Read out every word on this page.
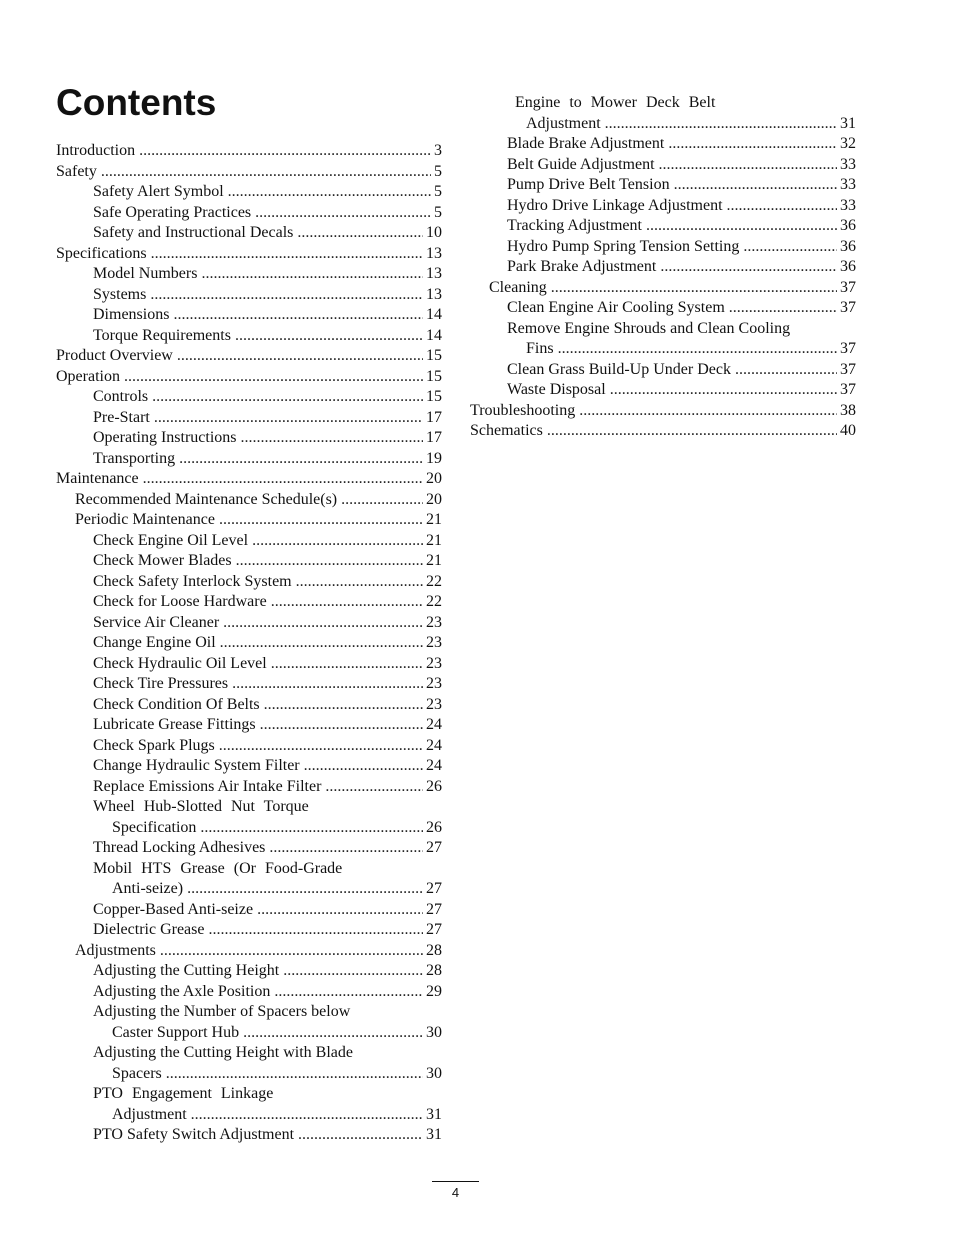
Contents
Introduction .....	3
Safety .....	5
Safety Alert Symbol .....	5
Safe Operating Practices .....	5
Safety and Instructional Decals .....	10
Specifications .....	13
Model Numbers .....	13
Systems .....	13
Dimensions .....	14
Torque Requirements .....	14
Product Overview .....	15
Operation .....	15
Controls .....	15
Pre-Start .....	17
Operating Instructions .....	17
Transporting .....	19
Maintenance .....	20
Recommended Maintenance Schedule(s) .....	20
Periodic Maintenance .....	21
Check Engine Oil Level .....	21
Check Mower Blades .....	21
Check Safety Interlock System .....	22
Check for Loose Hardware .....	22
Service Air Cleaner .....	23
Change Engine Oil .....	23
Check Hydraulic Oil Level .....	23
Check Tire Pressures .....	23
Check Condition Of Belts .....	23
Lubricate Grease Fittings .....	24
Check Spark Plugs .....	24
Change Hydraulic System Filter .....	24
Replace Emissions Air Intake Filter .....	26
Wheel Hub-Slotted Nut Torque
Specification .....	26
Thread Locking Adhesives .....	27
Mobil HTS Grease (Or Food-Grade
Anti-seize) .....	27
Copper-Based Anti-seize .....	27
Dielectric Grease .....	27
Adjustments .....	28
Adjusting the Cutting Height .....	28
Adjusting the Axle Position .....	29
Adjusting the Number of Spacers below
Caster Support Hub .....	30
Adjusting the Cutting Height with Blade
Spacers .....	30
PTO Engagement Linkage
Adjustment .....	31
PTO Safety Switch Adjustment .....	31
Engine to Mower Deck Belt
Adjustment .....	31
Blade Brake Adjustment .....	32
Belt Guide Adjustment .....	33
Pump Drive Belt Tension .....	33
Hydro Drive Linkage Adjustment .....	33
Tracking Adjustment .....	36
Hydro Pump Spring Tension Setting .....	36
Park Brake Adjustment .....	36
Cleaning .....	37
Clean Engine Air Cooling System .....	37
Remove Engine Shrouds and Clean Cooling
Fins .....	37
Clean Grass Build-Up Under Deck .....	37
Waste Disposal .....	37
Troubleshooting .....	38
Schematics .....	40
4
